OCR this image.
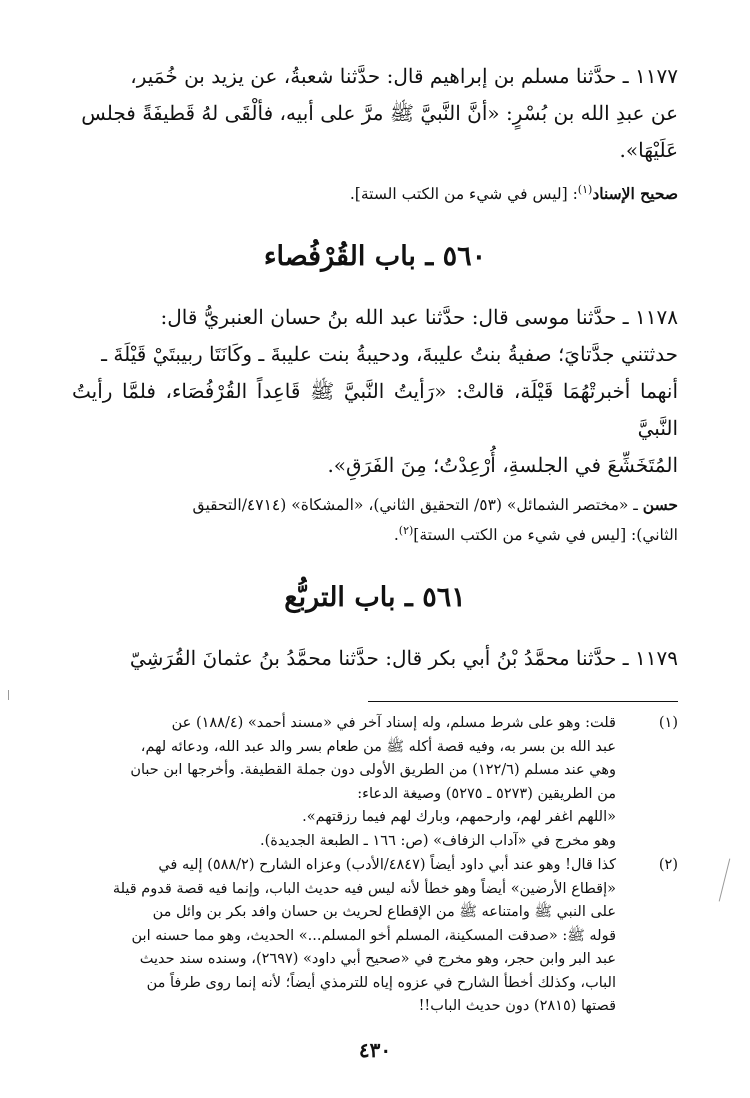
١١٧٧ ـ حدَّثنا مسلم بن إبراهيم قال: حدَّثنا شعبةُ، عن يزيد بن خُمَير،
عن عبدِ الله بن بُسْرٍ: «أنَّ النَّبيَّ ﷺ مرَّ على أبيه، فألْقَى لهُ قَطيفَةً فجلس
عَلَيْهَا».

صحيح الإسناد$^{(١)}$: [ليس في شيء من الكتب الستة].

٥٦٠ ـ باب القُرْفُصاء

١١٧٨ ـ حدَّثنا موسى قال: حدَّثنا عبد الله بنُ حسان العنبريُّ قال:
حدثتني جدَّتايَ؛ صفيةُ بنتُ عليبةَ، ودحيبةُ بنت عليبةَ ـ وكَانَتَا ربيبتَيْ قَيْلَةَ ـ
أنهما أخبرتْهُمَا قَيْلَة، قالتْ: «رَأيتُ النَّبيَّ ﷺ قَاعِداً القُرْفُصَاء، فلمَّا رأيتُ النَّبيَّ
المُتَخَشِّعَ في الجلسةِ، أُرْعِدْتُ؛ مِنَ الفَرَقِ».

حسن ـ «مختصر الشمائل» (٥٣/ التحقيق الثاني)، «المشكاة» (٤٧١٤/التحقيق
الثاني): [ليس في شيء من الكتب الستة]$^{(٢)}$.

٥٦١ ـ باب التربُّع

١١٧٩ ـ حدَّثنا محمَّدُ بْنُ أبي بكر قال: حدَّثنا محمَّدُ بنُ عثمانَ القُرَشِيّ

(١)

قلت: وهو على شرط مسلم، وله إسناد آخر في «مسند أحمد» (١٨٨/٤) عن

عبد الله بن بسر به، وفيه قصة أكله ﷺ من طعام بسر والد عبد الله، ودعائه لهم،

وهي عند مسلم (١٢٢/٦) من الطريق الأولى دون جملة القطيفة. وأخرجها ابن حبان

من الطريقين (٥٢٧٣ ـ ٥٢٧٥) وصيغة الدعاء:

«اللهم اغفر لهم، وارحمهم، وبارك لهم فيما رزقتهم».

وهو مخرج في «آداب الزفاف» (ص: ١٦٦ ـ الطبعة الجديدة).

(٢)

كذا قال! وهو عند أبي داود أيضاً (٤٨٤٧/الأدب) وعزاه الشارح (٥٨٨/٢) إليه في

«إقطاع الأرضين» أيضاً وهو خطأ لأنه ليس فيه حديث الباب، وإنما فيه قصة قدوم قيلة

على النبي ﷺ وامتناعه ﷺ من الإقطاع لحريث بن حسان وافد بكر بن وائل من

قوله ﷺ: «صدقت المسكينة، المسلم أخو المسلم...» الحديث، وهو مما حسنه ابن

عبد البر وابن حجر، وهو مخرج في «صحيح أبي داود» (٢٦٩٧)، وسنده سند حديث

الباب، وكذلك أخطأ الشارح في عزوه إياه للترمذي أيضاً؛ لأنه إنما روى طرفاً من

قصتها (٢٨١٥) دون حديث الباب!!

٤٣٠
